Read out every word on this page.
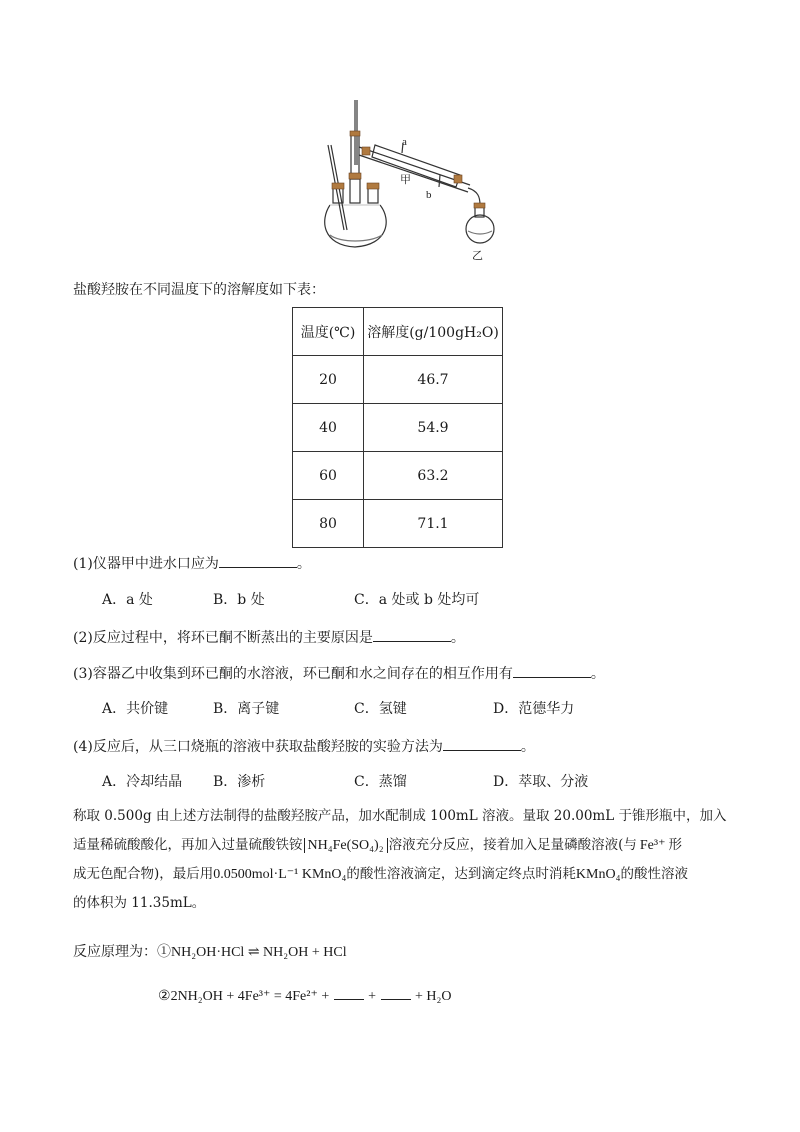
a
甲
b
乙
盐酸羟胺在不同温度下的溶解度如下表：
温度(℃)	溶解度(g/100gH₂O)
20	46.7
40	54.9
60	63.2
80	71.1
(1)仪器甲中进水口应为	。
A．a 处	B．b 处	C．a 处或 b 处均可
(2)反应过程中，将环已酮不断蒸出的主要原因是	。
(3)容器乙中收集到环已酮的水溶液，环已酮和水之间存在的相互作用有	。
A．共价键	B．离子键	C．氢键	D．范德华力
(4)反应后，从三口烧瓶的溶液中获取盐酸羟胺的实验方法为	。
A．冷却结晶 B．渗析	C．蒸馏	D．萃取、分液
称取 0.500g 由上述方法制得的盐酸羟胺产品，加水配制成 100mL 溶液。量取 20.00mL 于锥形瓶中，加入
适量稀硫酸酸化，再加入过量硫酸铁铵 NH₄Fe(SO₄)₂ 溶液充分反应，接着加入足量磷酸溶液(与 Fe³⁺ 形
成无色配合物)，最后用0.0500mol·L⁻¹ KMnO₄的酸性溶液滴定，达到滴定终点时消耗KMnO₄的酸性溶液
的体积为 11.35mL。
反应原理为：①NH₂OH·HCl ⇌ NH₂OH + HCl
②2NH₂OH + 4Fe³⁺ = 4Fe²⁺ +	+	+ H₂O
